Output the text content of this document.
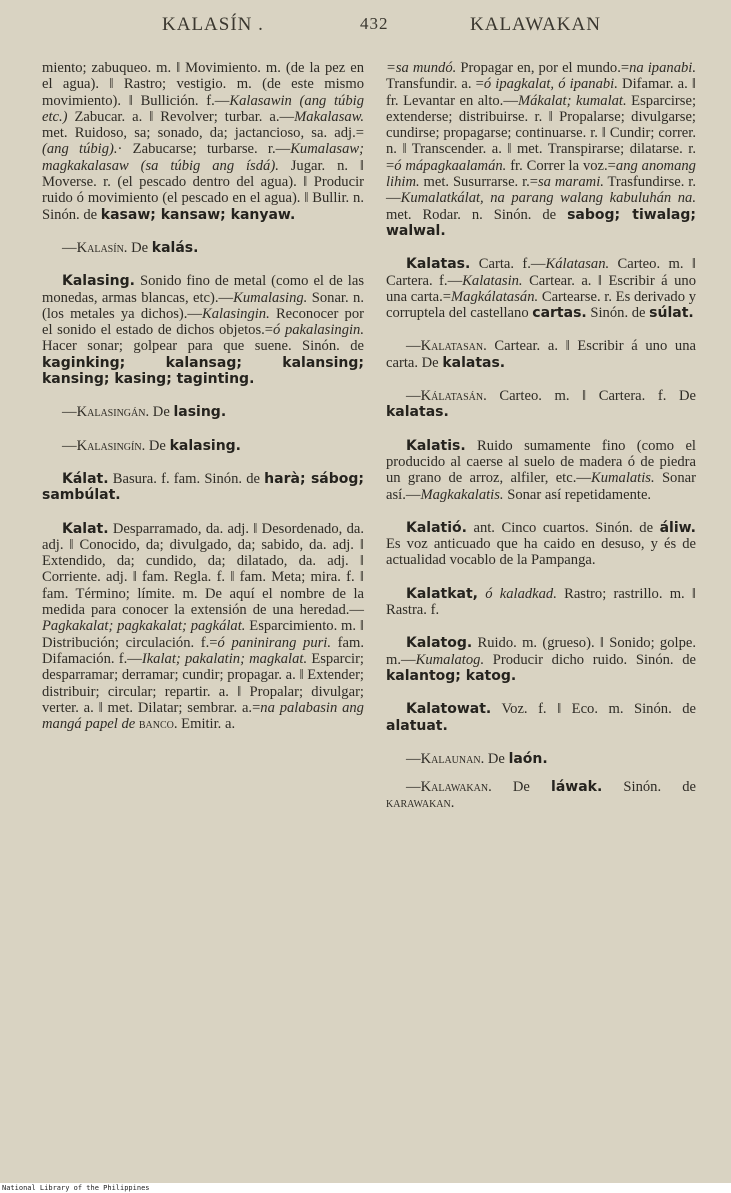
KALASÍN .	432	KALAWAKAN

miento; zabuqueo. m. ‖ Movimiento. m. (de la pez en el agua). ‖ Rastro; vestigio. m. (de este mismo movimiento). ‖ Bullición. f.—Kalasawin (ang túbig etc.) Zabucar. a. ‖ Revolver; turbar. a.—Makalasaw. met. Ruidoso, sa; sonado, da; jactancioso, sa. adj.=(ang túbig).· Zabucarse; turbarse. r.—Kumalasaw; magkakalasaw (sa túbig ang ísdá). Jugar. n. ‖ Moverse. r. (el pescado dentro del agua). ‖ Producir ruido ó movimiento (el pescado en el agua). ‖ Bullir. n. Sinón. de kasaw; kansaw; kanyaw.

—Kalasín. De kalás.

Kalasing. Sonido fino de metal (como el de las monedas, armas blancas, etc).—Kumalasing. Sonar. n. (los metales ya dichos).—Kalasingin. Reconocer por el sonido el estado de dichos objetos.=ó pakalasingin. Hacer sonar; golpear para que suene. Sinón. de kaginking; kalansag; kalansing; kansing; kasing; taginting.

—Kalasingán. De lasing.

—Kalasingín. De kalasing.

Kálat. Basura. f. fam. Sinón. de harà; sábog; sambúlat.

Kalat. Desparramado, da. adj. ‖ Desordenado, da. adj. ‖ Conocido, da; divulgado, da; sabido, da. adj. ‖ Extendido, da; cundido, da; dilatado, da. adj. ‖ Corriente. adj. ‖ fam. Regla. f. ‖ fam. Meta; mira. f. ‖ fam. Término; límite. m. De aquí el nombre de la medida para conocer la extensión de una heredad.—Pagkakalat; pagkakalat; pagkálat. Esparcimiento. m. ‖ Distribución; circulación. f.=ó paninirang puri. fam. Difamación. f.—Ikalat; pakalatin; magkalat. Esparcir; desparramar; derramar; cundir; propagar. a. ‖ Extender; distribuir; circular; repartir. a. ‖ Propalar; divulgar; verter. a. ‖ met. Dilatar; sembrar. a.=na palabasin ang mangá papel de banco. Emitir. a.

=sa mundó. Propagar en, por el mundo.=na ipanabi. Transfundir. a. =ó ipagkalat, ó ipanabi. Difamar. a. ‖ fr. Levantar en alto.—Mákalat; kumalat. Esparcirse; extenderse; distribuirse. r. ‖ Propalarse; divulgarse; cundirse; propagarse; continuarse. r. ‖ Cundir; correr. n. ‖ Transcender. a. ‖ met. Transpirarse; dilatarse. r. =ó mápagkaalamán. fr. Correr la voz.=ang anomang lihim. met. Susurrarse. r.=sa marami. Trasfundirse. r.—Kumalatkálat, na parang walang kabuluhán na. met. Rodar. n. Sinón. de sabog; tiwalag; walwal.

Kalatas. Carta. f.—Kálatasan. Carteo. m. ‖ Cartera. f.—Kalatasin. Cartear. a. ‖ Escribir á uno una carta.=Magkálatasán. Cartearse. r. Es derivado y corruptela del castellano cartas. Sinón. de súlat.

—Kalatasan. Cartear. a. ‖ Escribir á uno una carta. De kalatas.

—Kálatasán. Carteo. m. ‖ Cartera. f. De kalatas.

Kalatis. Ruido sumamente fino (como el producido al caerse al suelo de madera ó de piedra un grano de arroz, alfiler, etc.—Kumalatis. Sonar así.—Magkakalatis. Sonar así repetidamente.

Kalatió. ant. Cinco cuartos. Sinón. de áliw. Es voz anticuado que ha caido en desuso, y és de actualidad vocablo de la Pampanga.

Kalatkat, ó kaladkad. Rastro; rastrillo. m. ‖ Rastra. f.

Kalatog. Ruido. m. (grueso). ‖ Sonido; golpe. m.—Kumalatog. Producir dicho ruido. Sinón. de kalantog; katog.

Kalatowat. Voz. f. ‖ Eco. m. Sinón. de alatuat.

—Kalaunan. De laón.

—Kalawakan. De láwak. Sinón. de karawakan.

National Library of the Philippines
